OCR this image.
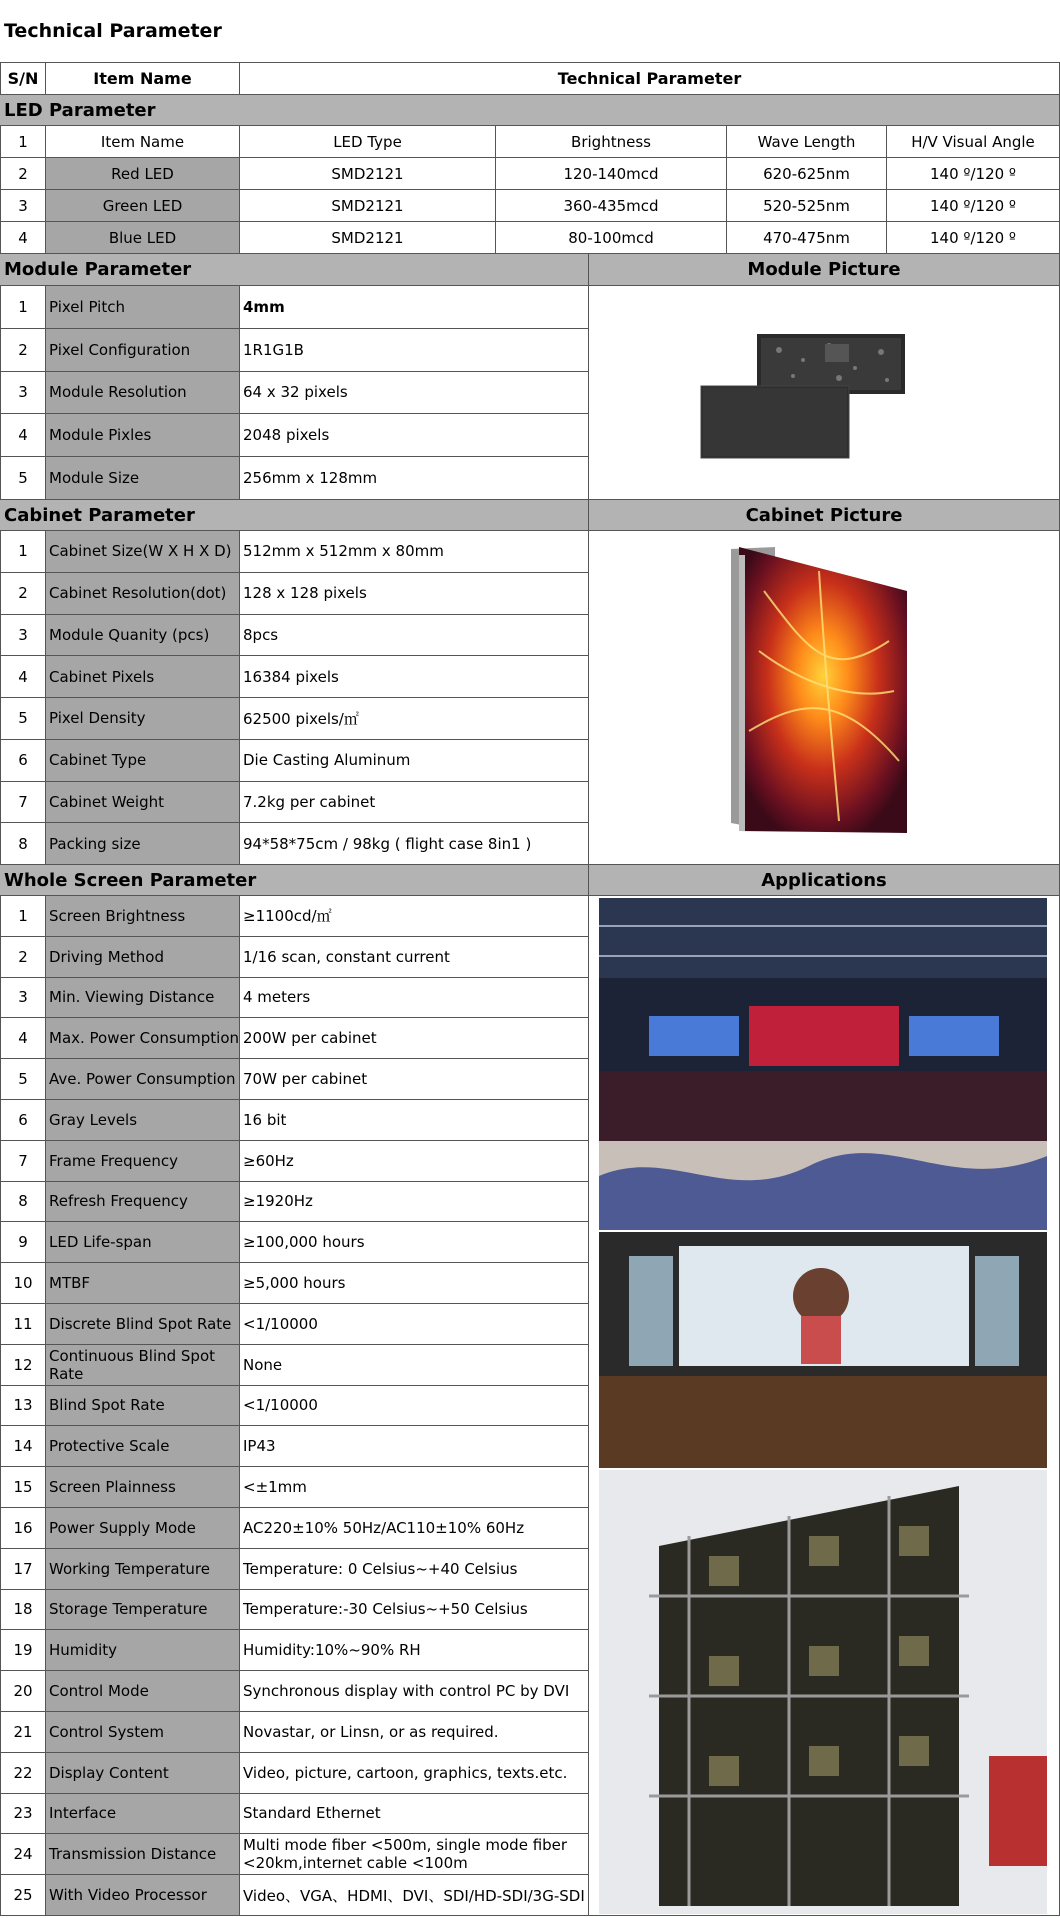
Technical Parameter
S/N	Item Name	Technical Parameter
LED Parameter
1	Item Name	LED Type	Brightness	Wave Length	H/V Visual Angle
2	Red LED	SMD2121	120-140mcd	620-625nm	140 º/120 º
3	Green LED	SMD2121	360-435mcd	520-525nm	140 º/120 º
4	Blue LED	SMD2121	80-100mcd	470-475nm	140 º/120 º
Module Parameter	Module Picture
1	Pixel Pitch	4mm
2	Pixel Configuration	1R1G1B
3	Module Resolution	64 x 32 pixels
4	Module Pixles	2048 pixels
5	Module Size	256mm x 128mm
Cabinet Parameter	Cabinet Picture
1	Cabinet Size(W X H X D) 512mm x 512mm x 80mm
2	Cabinet Resolution(dot)	128 x 128 pixels
3	Module Quanity (pcs)	8pcs
4	Cabinet Pixels	16384 pixels
5	Pixel Density	62500 pixels/㎡
6	Cabinet Type	Die Casting Aluminum
7	Cabinet Weight	7.2kg per cabinet
8	Packing size	94*58*75cm / 98kg ( flight case 8in1 )
Whole Screen Parameter	Applications
1	Screen Brightness	≥1100cd/㎡
2	Driving Method	1/16 scan, constant current
3	Min. Viewing Distance	4 meters
4	Max. Power Consumption 200W per cabinet
5	Ave. Power Consumption 70W per cabinet
6	Gray Levels	16 bit
7	Frame Frequency	≥60Hz
8	Refresh Frequency	≥1920Hz
9	LED Life-span	≥100,000 hours
10	MTBF	≥5,000 hours
11	Discrete Blind Spot Rate <1/10000
12	Continuous Blind Spot Rate	None
13	Blind Spot Rate	<1/10000
14	Protective Scale	IP43
15	Screen Plainness	<±1mm
16	Power Supply Mode	AC220±10% 50Hz/AC110±10% 60Hz
17	Working Temperature	Temperature: 0 Celsius~+40 Celsius
18	Storage Temperature	Temperature:-30 Celsius~+50 Celsius
19	Humidity	Humidity:10%~90% RH
20	Control Mode	Synchronous display with control PC by DVI
21	Control System	Novastar, or Linsn, or as required.
22	Display Content	Video, picture, cartoon, graphics, texts.etc.
23	Interface	Standard Ethernet
24	Transmission Distance	Multi mode fiber <500m, single mode fiber <20km,internet cable <100m
25	With Video Processor	Video、VGA、HDMI、DVI、SDI/HD-SDI/3G-SDI
